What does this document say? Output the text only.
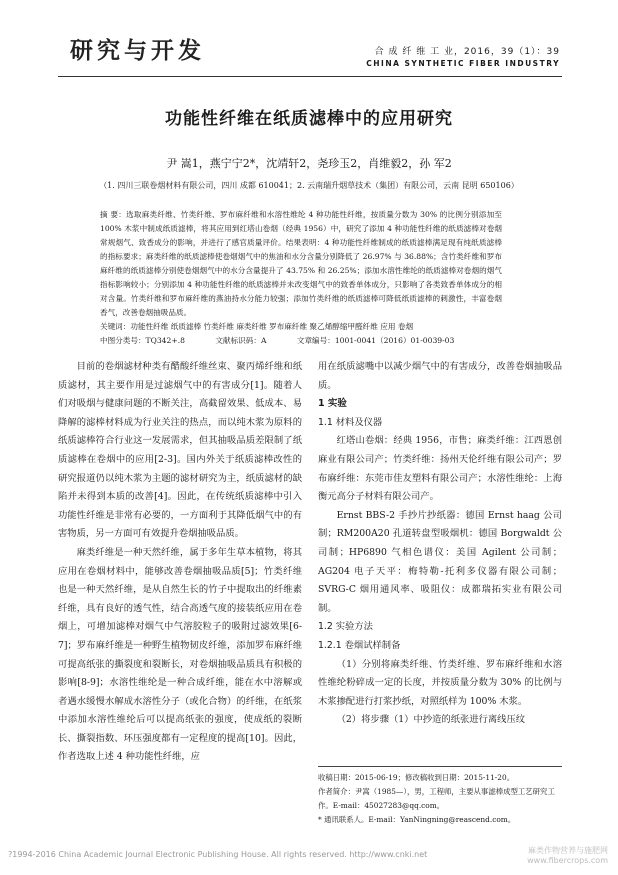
研究与开发	合 成 纤 维 工 业，2016，39（1）：39
CHINA SYNTHETIC FIBER INDUSTRY
功能性纤维在纸质滤棒中的应用研究
尹 嵩1，燕宁宁2*，沈靖轩2，尧珍玉2，肖维毅2，孙 军2
（1. 四川三联卷烟材料有限公司，四川 成都 610041；2. 云南瑞升烟草技术（集团）有限公司，云南 昆明 650106）
摘 要：选取麻类纤维、竹类纤维、罗布麻纤维和水溶性维纶 4 种功能性纤维，按质量分数为 30% 的比例分别添加至 100% 木浆中制成纸质滤棒，将其应用到红塔山卷烟（经典 1956）中，研究了添加 4 种功能性纤维的纸质滤棒对卷烟常规烟气、致香成分的影响，并进行了感官质量评价。结果表明：4 种功能性纤维制成的纸质滤棒满足现有纯纸质滤棒的指标要求；麻类纤维的纸质滤棒使卷烟烟气中的焦油和水分含量分别降低了 26.97% 与 36.88%；含竹类纤维和罗布麻纤维的纸质滤棒分别使卷烟烟气中的水分含量提升了 43.75% 和 26.25%；添加水溶性维纶的纸质滤棒对卷烟的烟气指标影响较小；分别添加 4 种功能性纤维的纸质滤棒并未改变烟气中的致香单体成分，只影响了各类致香单体成分的相对含量。竹类纤维和罗布麻纤维的燕油持水分能力较强；添加竹类纤维的纸质滤棒可降低纸质滤棒的刺激性，丰富卷烟香气，改善卷烟抽吸品质。
关键词：功能性纤维 纸质滤棒 竹类纤维 麻类纤维 罗布麻纤维 聚乙烯醇缩甲醛纤维 应用 卷烟
中图分类号：TQ342+.8	文献标识码：A	文章编号：1001-0041（2016）01-0039-03

目前的卷烟滤材种类有醋酸纤维丝束、聚丙烯纤维和纸质滤材，其主要作用是过滤烟气中的有害成分[1]。随着人们对吸烟与健康问题的不断关注，高截留效果、低成本、易降解的滤棒材料成为行业关注的热点，而以纯木浆为原料的纸质滤棒符合行业这一发展需求，但其抽吸品质差限制了纸质滤棒在卷烟中的应用[2-3]。国内外关于纸质滤棒改性的研究报道仍以纯木浆为主题的滤材研究为主，纸质滤材的缺陷并未得到本质的改善[4]。因此，在传统纸质滤棒中引入功能性纤维是非常有必要的，一方面利于其降低烟气中的有害物质，另一方面可有效提升卷烟抽吸品质。

麻类纤维是一种天然纤维，属于多年生草本植物，将其应用在卷烟材料中，能够改善卷烟抽吸品质[5]；竹类纤维也是一种天然纤维，是从自然生长的竹子中提取出的纤维素纤维，具有良好的透气性，结合高透气度的接装纸应用在卷烟上，可增加滤棒对烟气中气溶胶粒子的吸附过滤效果[6-7]；罗布麻纤维是一种野生植物韧皮纤维，添加罗布麻纤维可提高纸张的撕裂度和裂断长，对卷烟抽吸品质具有积极的影响[8-9]；水溶性维纶是一种合成纤维，能在水中溶解或者遇水缓慢水解成水溶性分子（或化合物）的纤维，在纸浆中添加水溶性维纶后可以提高纸张的强度，使成纸的裂断长、撕裂指数、环压强度都有一定程度的提高[10]。因此，作者选取上述 4 种功能性纤维，应

用在纸质滤嘴中以减少烟气中的有害成分，改善卷烟抽吸品质。

1 实验

1.1 材料及仪器

红塔山卷烟：经典 1956，市售；麻类纤维：江西恩创麻业有限公司产；竹类纤维：扬州天伦纤维有限公司产；罗布麻纤维：东莞市佳友塑料有限公司产；水溶性维纶：上海衡元高分子材料有限公司产。

Ernst BBS-2 手抄片抄纸器：德国 Ernst haag 公司制；RM200A20 孔道转盘型吸烟机：德国 Borgwaldt 公司制；HP6890 气相色谱仪：美国 Agilent 公司制；AG204 电子天平：梅特勒-托利多仪器有限公司制；SVRG-C 烟用通风率、吸阻仪：成都瑞拓实业有限公司制。

1.2 实验方法

1.2.1 卷烟试样制备

（1）分别将麻类纤维、竹类纤维、罗布麻纤维和水溶性维纶粉碎成一定的长度，并按质量分数为 30% 的比例与木浆掺配进行打浆抄纸，对照纸样为 100% 木浆。

（2）将步骤（1）中抄造的纸张进行离线压纹

收稿日期：2015-06-19；修改稿收到日期：2015-11-20。

作者简介：尹嵩（1985—），男，工程师，主要从事滤棒成型工艺研究工作。E-mail：45027283@qq.com。

* 通讯联系人。E-mail：YanNingning@reascend.com。

?1994-2016 China Academic Journal Electronic Publishing House. All rights reserved. http://www.cnki.net	麻类作物营养与施肥网
www.fibercrops.com
